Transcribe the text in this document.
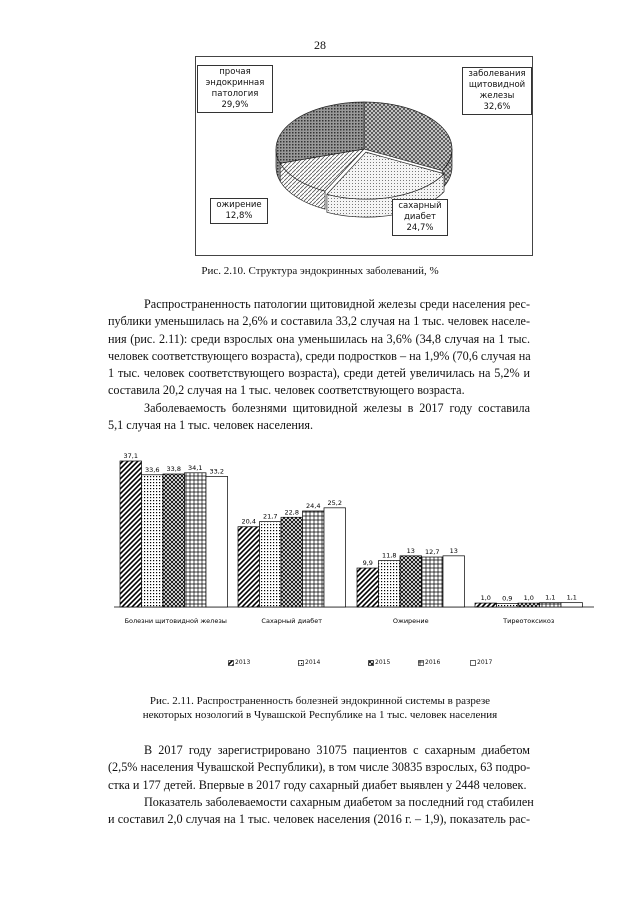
28
прочая
эндокринная
патология
29,9%
заболевания
щитовидной
железы
32,6%
ожирение
12,8%
сахарный
диабет
24,7%
Рис. 2.10. Структура эндокринных заболеваний, %
Распространенность патологии щитовидной железы среди населения рес-
публики уменьшилась на 2,6% и составила 33,2 случая на 1 тыс. человек населе-
ния (рис. 2.11): среди взрослых она уменьшилась на 3,6% (34,8 случая на 1 тыс.
человек соответствующего возраста), среди подростков – на 1,9% (70,6 случая на
1 тыс. человек соответствующего возраста), среди детей увеличилась на 5,2% и
составила 20,2 случая на 1 тыс. человек соответствующего возраста.
Заболеваемость болезнями щитовидной железы в 2017 году составила
5,1 случая на 1 тыс. человек населения.
37,1
33,6 33,8 34,1 33,2
Болезни щитовидной железы
20,4
21,7
22,8
24,4 25,2
Сахарный диабет
9,9
11,8
13 12,7 13
Ожирение
1,0 0,9 1,0 1,1 1,1
Тиреотоксикоз
2013	2014	2015	2016	2017
Рис. 2.11. Распространенность болезней эндокринной системы в разрезе
некоторых нозологий в Чувашской Республике на 1 тыс. человек населения
В 2017 году зарегистрировано 31075 пациентов с сахарным диабетом
(2,5% населения Чувашской Республики), в том числе 30835 взрослых, 63 подро-
стка и 177 детей. Впервые в 2017 году сахарный диабет выявлен у 2448 человек.
Показатель заболеваемости сахарным диабетом за последний год стабилен
и составил 2,0 случая на 1 тыс. человек населения (2016 г. – 1,9), показатель рас-
